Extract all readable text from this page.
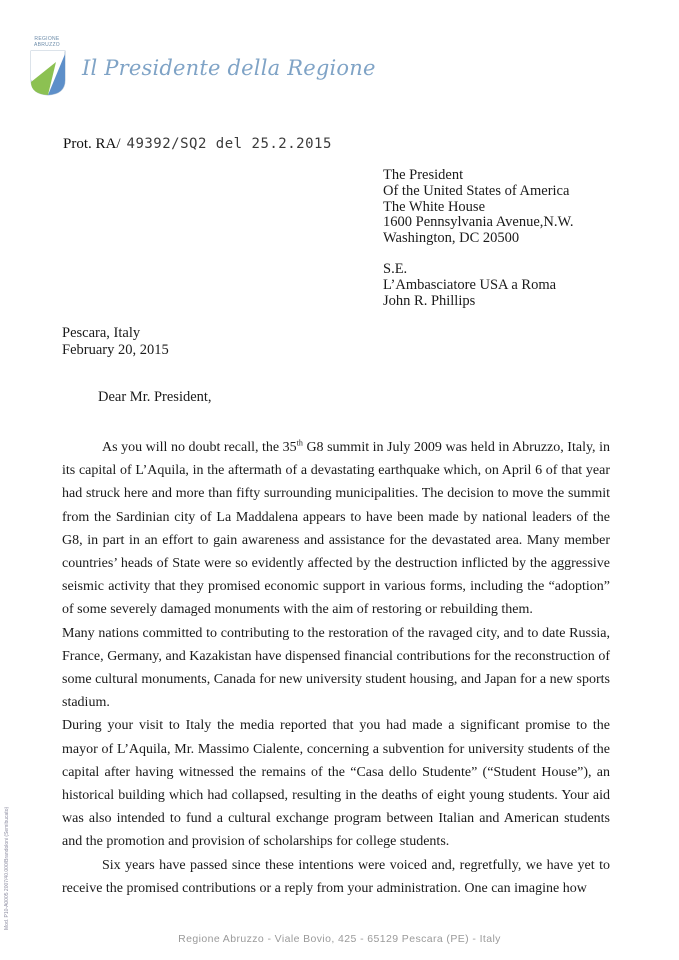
REGIONE
ABRUZZO
Il Presidente della Regione
Prot. RA/ 49392/SQ2 del 25.2.2015
The President
Of the United States of America
The White House
1600 Pennsylvania Avenue,N.W.
Washington, DC 20500
S.E.
L’Ambasciatore USA a Roma
John R. Phillips
Pescara, Italy
February 20, 2015
Dear Mr. President,

As you will no doubt recall, the 35th G8 summit in July 2009 was held in Abruzzo, Italy, in its capital of L’Aquila, in the aftermath of a devastating earthquake which, on April 6 of that year had struck here and more than fifty surrounding municipalities. The decision to move the summit from the Sardinian city of La Maddalena appears to have been made by national leaders of the G8, in part in an effort to gain awareness and assistance for the devastated area. Many member countries’ heads of State were so evidently affected by the destruction inflicted by the aggressive seismic activity that they promised economic support in various forms, including the “adoption” of some severely damaged monuments with the aim of restoring or rebuilding them.

Many nations committed to contributing to the restoration of the ravaged city, and to date Russia, France, Germany, and Kazakistan have dispensed financial contributions for the reconstruction of some cultural monuments, Canada for new university student housing, and Japan for a new sports stadium.

During your visit to Italy the media reported that you had made a significant promise to the mayor of L’Aquila, Mr. Massimo Cialente, concerning a subvention for university students of the capital after having witnessed the remains of the “Casa dello Studente” (“Student House”), an historical building which had collapsed, resulting in the deaths of eight young students. Your aid was also intended to fund a cultural exchange program between Italian and American students and the promotion and provision of scholarships for college students.

Six years have passed since these intentions were voiced and, regretfully, we have yet to receive the promised contributions or a reply from your administration. One can imagine how

Regione Abruzzo - Viale Bovio, 425 - 65129 Pescara (PE) - Italy
Mod. P10-A0005 2007/40.000/Brandoloni (Semibucato)
